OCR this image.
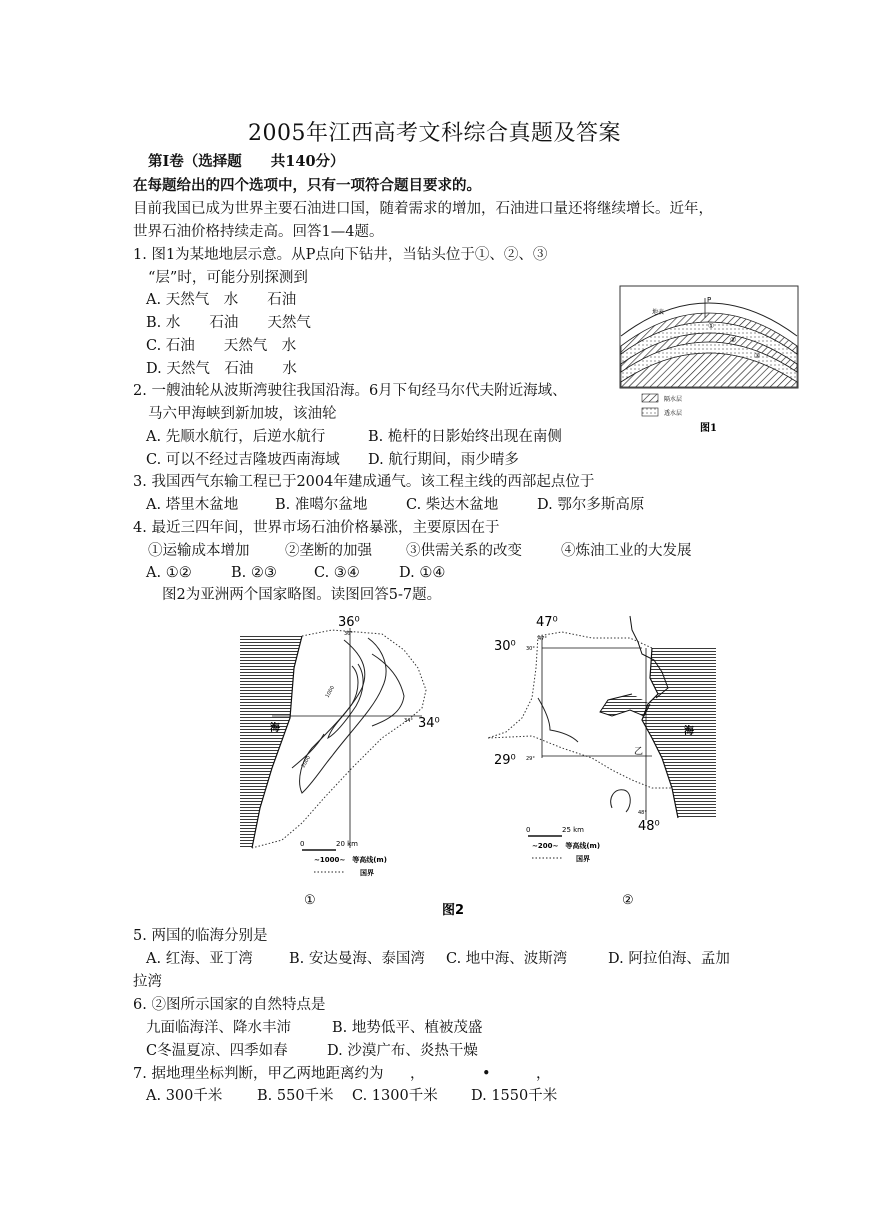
2005年江西高考文科综合真题及答案
第Ⅰ卷（选择题　　共140分）
在每题给出的四个选项中，只有一项符合题目要求的。
目前我国已成为世界主要石油进口国，随着需求的增加，石油进口量还将继续增长。近年，
世界石油价格持续走高。回答1—4题。
1. 图1为某地地层示意。从P点向下钻井，当钻头位于①、②、③
“层”时，可能分别探测到
A. 天然气　水　　石油
B. 水　　石油　　天然气
C. 石油　　天然气　水
D. 天然气　石油　　水
2. 一艘油轮从波斯湾驶往我国沿海。6月下旬经马尔代夫附近海域、
马六甲海峡到新加坡，该油轮
A. 先顺水航行，后逆水航行	B. 桅杆的日影始终出现在南侧
C. 可以不经过吉隆坡西南海域 D. 航行期间，雨少晴多
3. 我国西气东输工程已于2004年建成通气。该工程主线的西部起点位于
A. 塔里木盆地	B. 准噶尔盆地	C. 柴达木盆地	D. 鄂尔多斯高原
4. 最近三四年间，世界市场石油价格暴涨，主要原因在于
①运输成本增加 ②垄断的加强 ③供需关系的改变	④炼油工业的大发展
A. ①②	B. ②③	C. ③④	D. ①④
图2为亚洲两个国家略图。读图回答5-7题。
P
地表
①
②
③
隔水层
透水层
图1
36⁰
36°
34⁰
34°
海
1000
2000
0	20 km
~1000~　等高线(m)
国界
①
图2
47⁰
47°
30⁰ 30°
29⁰ 29°
48⁰
48°
乙
海
0	25 km
~200~　等高线(m)
国界
②
5. 两国的临海分别是
A. 红海、亚丁湾	B. 安达曼海、泰国湾 C. 地中海、波斯湾	D. 阿拉伯海、孟加
拉湾
6. ②图所示国家的自然特点是
九面临海洋、降水丰沛	B. 地势低平、植被茂盛
C冬温夏凉、四季如春	D. 沙漠广布、炎热干燥
7. 据地理坐标判断，甲乙两地距离约为 ，	•	，
A. 300千米 B. 550千米 C. 1300千米 D. 1550千米
